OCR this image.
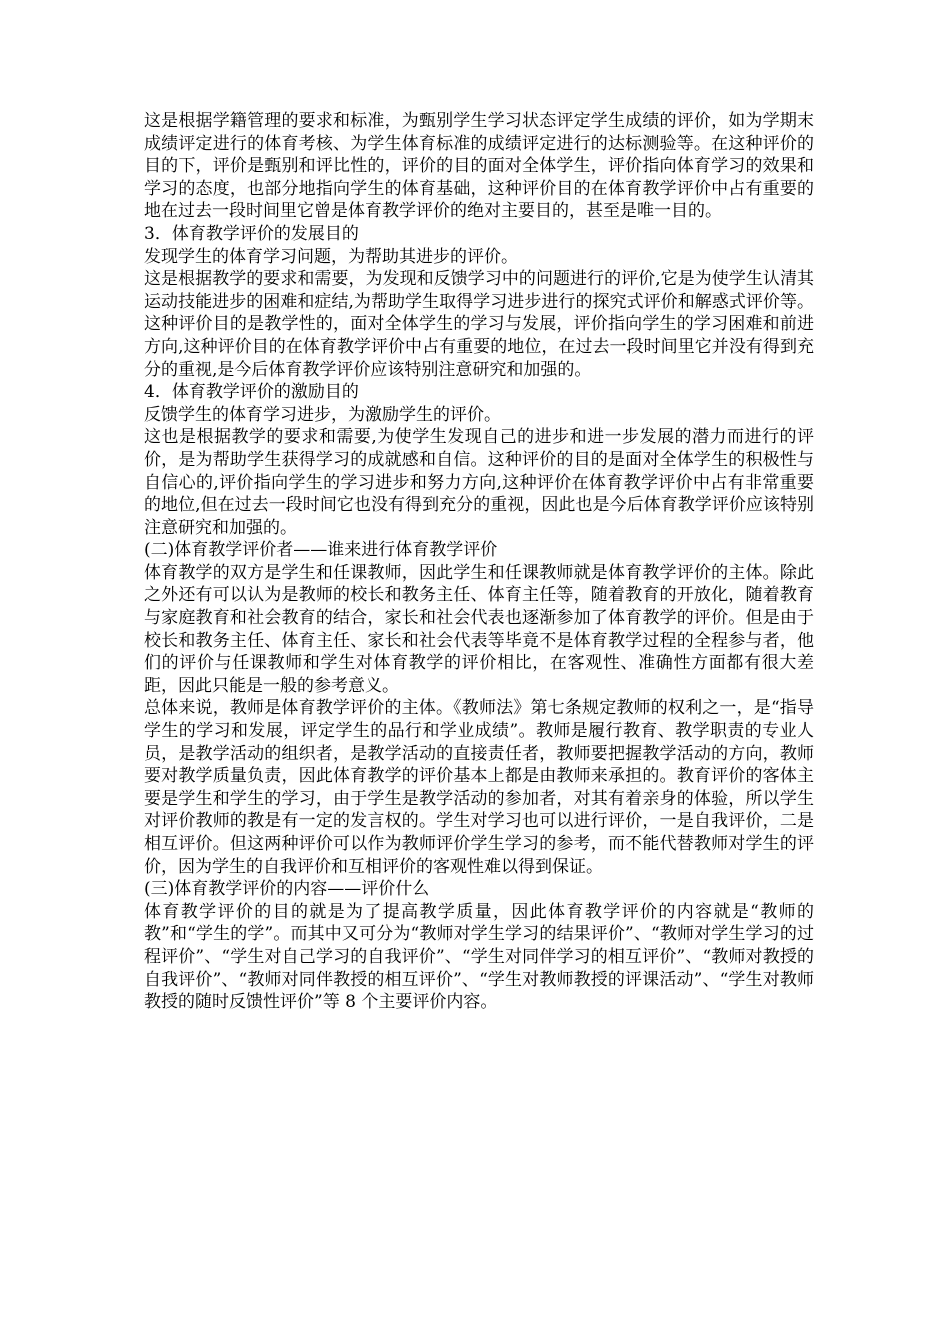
这是根据学籍管理的要求和标准，为甄别学生学习状态评定学生成绩的评价，如为学期末成绩评定进行的体育考核、为学生体育标准的成绩评定进行的达标测验等。在这种评价的目的下，评价是甄别和评比性的，评价的目的面对全体学生，评价指向体育学习的效果和学习的态度，也部分地指向学生的体育基础，这种评价目的在体育教学评价中占有重要的地在过去一段时间里它曾是体育教学评价的绝对主要目的，甚至是唯一目的。

3．体育教学评价的发展目的

发现学生的体育学习问题，为帮助其进步的评价。

这是根据教学的要求和需要，为发现和反馈学习中的问题进行的评价,它是为使学生认清其运动技能进步的困难和症结,为帮助学生取得学习进步进行的探究式评价和解惑式评价等。这种评价目的是教学性的，面对全体学生的学习与发展，评价指向学生的学习困难和前进方向,这种评价目的在体育教学评价中占有重要的地位，在过去一段时间里它并没有得到充分的重视,是今后体育教学评价应该特别注意研究和加强的。

4．体育教学评价的激励目的

反馈学生的体育学习进步，为激励学生的评价。

这也是根据教学的要求和需要,为使学生发现自己的进步和进一步发展的潜力而进行的评价，是为帮助学生获得学习的成就感和自信。这种评价的目的是面对全体学生的积极性与自信心的,评价指向学生的学习进步和努力方向,这种评价在体育教学评价中占有非常重要的地位,但在过去一段时间它也没有得到充分的重视，因此也是今后体育教学评价应该特别注意研究和加强的。

(二)体育教学评价者——谁来进行体育教学评价

体育教学的双方是学生和任课教师，因此学生和任课教师就是体育教学评价的主体。除此之外还有可以认为是教师的校长和教务主任、体育主任等，随着教育的开放化，随着教育与家庭教育和社会教育的结合，家长和社会代表也逐渐参加了体育教学的评价。但是由于校长和教务主任、体育主任、家长和社会代表等毕竟不是体育教学过程的全程参与者，他们的评价与任课教师和学生对体育教学的评价相比，在客观性、准确性方面都有很大差距，因此只能是一般的参考意义。

总体来说，教师是体育教学评价的主体。《教师法》第七条规定教师的权利之一，是“指导学生的学习和发展，评定学生的品行和学业成绩”。教师是履行教育、教学职责的专业人员，是教学活动的组织者，是教学活动的直接责任者，教师要把握教学活动的方向，教师要对教学质量负责，因此体育教学的评价基本上都是由教师来承担的。教育评价的客体主要是学生和学生的学习，由于学生是教学活动的参加者，对其有着亲身的体验，所以学生对评价教师的教是有一定的发言权的。学生对学习也可以进行评价，一是自我评价，二是相互评价。但这两种评价可以作为教师评价学生学习的参考，而不能代替教师对学生的评价，因为学生的自我评价和互相评价的客观性难以得到保证。

(三)体育教学评价的内容——评价什么

体育教学评价的目的就是为了提高教学质量，因此体育教学评价的内容就是“教师的教”和“学生的学”。而其中又可分为“教师对学生学习的结果评价”、“教师对学生学习的过程评价”、“学生对自己学习的自我评价”、“学生对同伴学习的相互评价”、“教师对教授的自我评价”、“教师对同伴教授的相互评价”、“学生对教师教授的评课活动”、“学生对教师教授的随时反馈性评价”等 8 个主要评价内容。
